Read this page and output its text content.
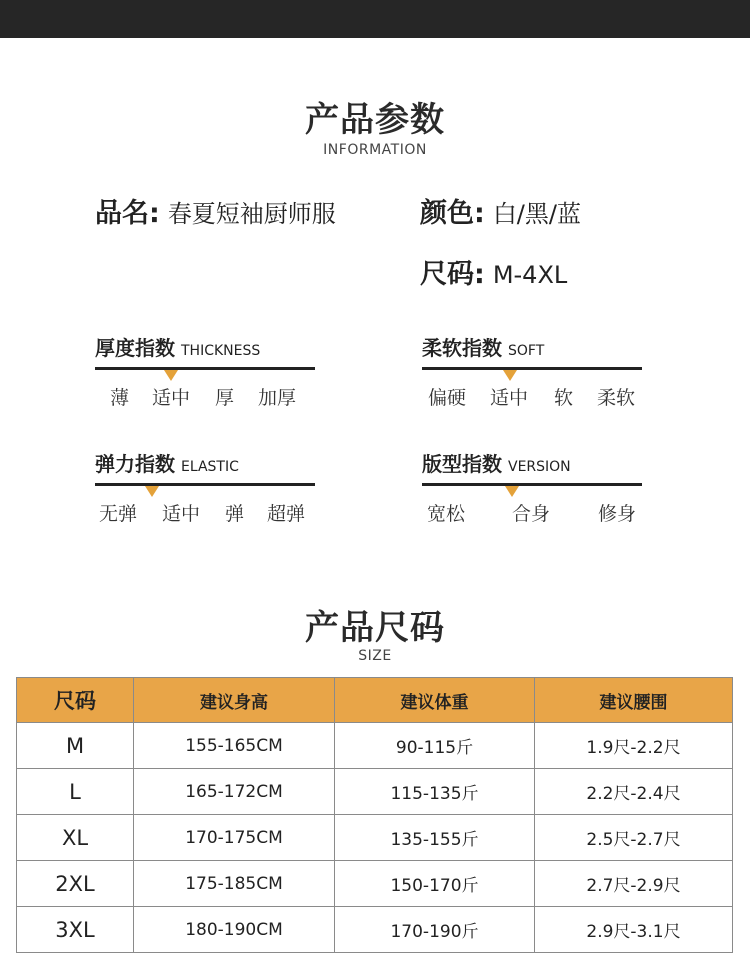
产品参数
INFORMATION
品名: 春夏短袖厨师服	颜色: 白/黑/蓝
尺码: M-4XL
厚度指数 THICKNESS
薄 适中 厚 加厚
柔软指数 SOFT
偏硬 适中 软 柔软
弹力指数 ELASTIC
无弹 适中 弹 超弹
版型指数 VERSION
宽松 合身	修身
产品尺码
SIZE
尺码	建议身高	建议体重	建议腰围
M	155-165CM	90-115斤	1.9尺-2.2尺
L	165-172CM	115-135斤	2.2尺-2.4尺
XL	170-175CM	135-155斤	2.5尺-2.7尺
2XL	175-185CM	150-170斤	2.7尺-2.9尺
3XL	180-190CM	170-190斤	2.9尺-3.1尺
